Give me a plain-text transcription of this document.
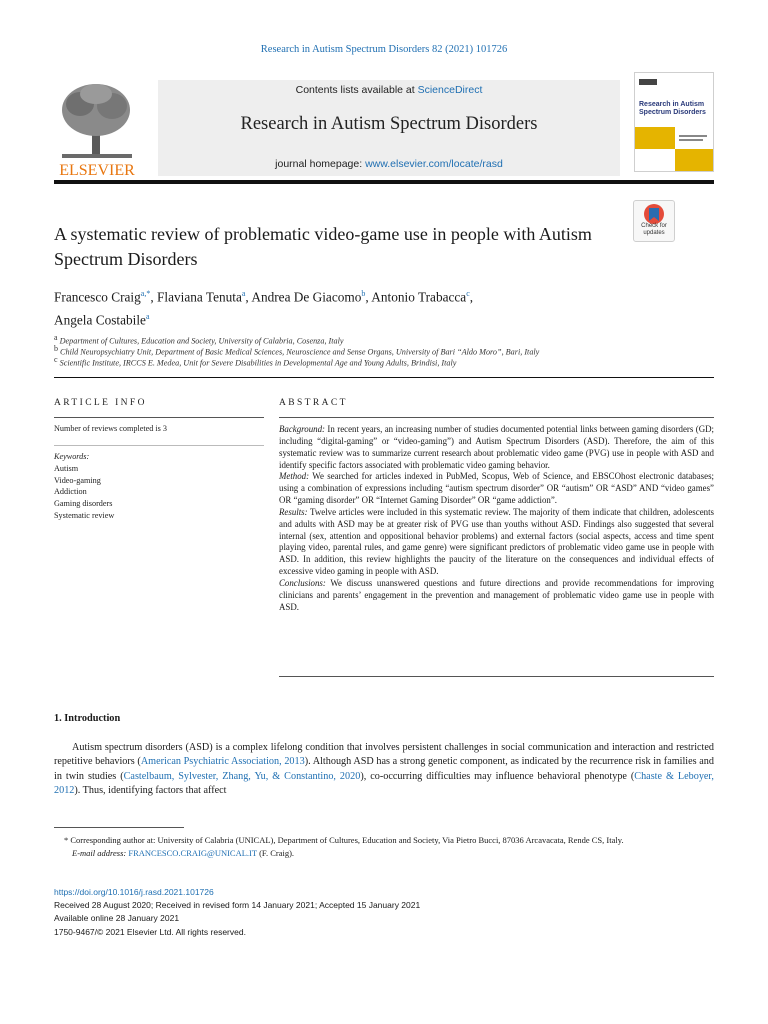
Research in Autism Spectrum Disorders 82 (2021) 101726
ELSEVIER
Contents lists available at ScienceDirect
Research in Autism Spectrum Disorders
journal homepage: www.elsevier.com/locate/rasd
Research in Autism Spectrum Disorders
Check for updates
A systematic review of problematic video-game use in people with Autism Spectrum Disorders
Francesco Craig$^{a,*}$, Flaviana Tenuta$^a$, Andrea De Giacomo$^b$, Antonio Trabacca$^c$,
Angela Costabile$^a$
$^a$ Department of Cultures, Education and Society, University of Calabria, Cosenza, Italy
$^b$ Child Neuropsychiatry Unit, Department of Basic Medical Sciences, Neuroscience and Sense Organs, University of Bari “Aldo Moro”, Bari, Italy
$^c$ Scientific Institute, IRCCS E. Medea, Unit for Severe Disabilities in Developmental Age and Young Adults, Brindisi, Italy
ARTICLE INFO
Number of reviews completed is 3
Keywords:
Autism
Video-gaming
Addiction
Gaming disorders
Systematic review
ABSTRACT

Background: In recent years, an increasing number of studies documented potential links between gaming disorders (GD; including “digital-gaming” or “video-gaming”) and Autism Spectrum Disorders (ASD). Therefore, the aim of this systematic review was to summarize current research about problematic video game (PVG) use in people with ASD and identify specific factors associated with problematic video gaming behavior.

Method: We searched for articles indexed in PubMed, Scopus, Web of Science, and EBSCOhost electronic databases; using a combination of expressions including “autism spectrum disorder” OR “autism” OR “ASD” AND “video games” OR “gaming disorder” OR “Internet Gaming Disorder” OR “game addiction”.

Results: Twelve articles were included in this systematic review. The majority of them indicate that children, adolescents and adults with ASD may be at greater risk of PVG use than youths without ASD. Findings also suggested that several internal (sex, attention and oppositional behavior problems) and external factors (social aspects, access and time spent playing video, parental rules, and game genre) were significant predictors of problematic video game use in people with ASD. In addition, this review highlights the paucity of the literature on the consequences and individual effects of excessive video gaming in people with ASD.

Conclusions: We discuss unanswered questions and future directions and provide recommendations for improving clinicians and parents’ engagement in the prevention and management of problematic video game use in people with ASD.

1. Introduction
Autism spectrum disorders (ASD) is a complex lifelong condition that involves persistent challenges in social communication and interaction and restricted repetitive behaviors (American Psychiatric Association, 2013). Although ASD has a strong genetic component, as indicated by the recurrence risk in families and in twin studies (Castelbaum, Sylvester, Zhang, Yu, & Constantino, 2020), co-occurring difficulties may influence behavioral phenotype (Chaste & Leboyer, 2012). Thus, identifying factors that affect
* Corresponding author at: University of Calabria (UNICAL), Department of Cultures, Education and Society, Via Pietro Bucci, 87036 Arcavacata, Rende CS, Italy.
E-mail address: FRANCESCO.CRAIG@UNICAL.IT (F. Craig).
https://doi.org/10.1016/j.rasd.2021.101726
Received 28 August 2020; Received in revised form 14 January 2021; Accepted 15 January 2021
Available online 28 January 2021
1750-9467/© 2021 Elsevier Ltd. All rights reserved.
